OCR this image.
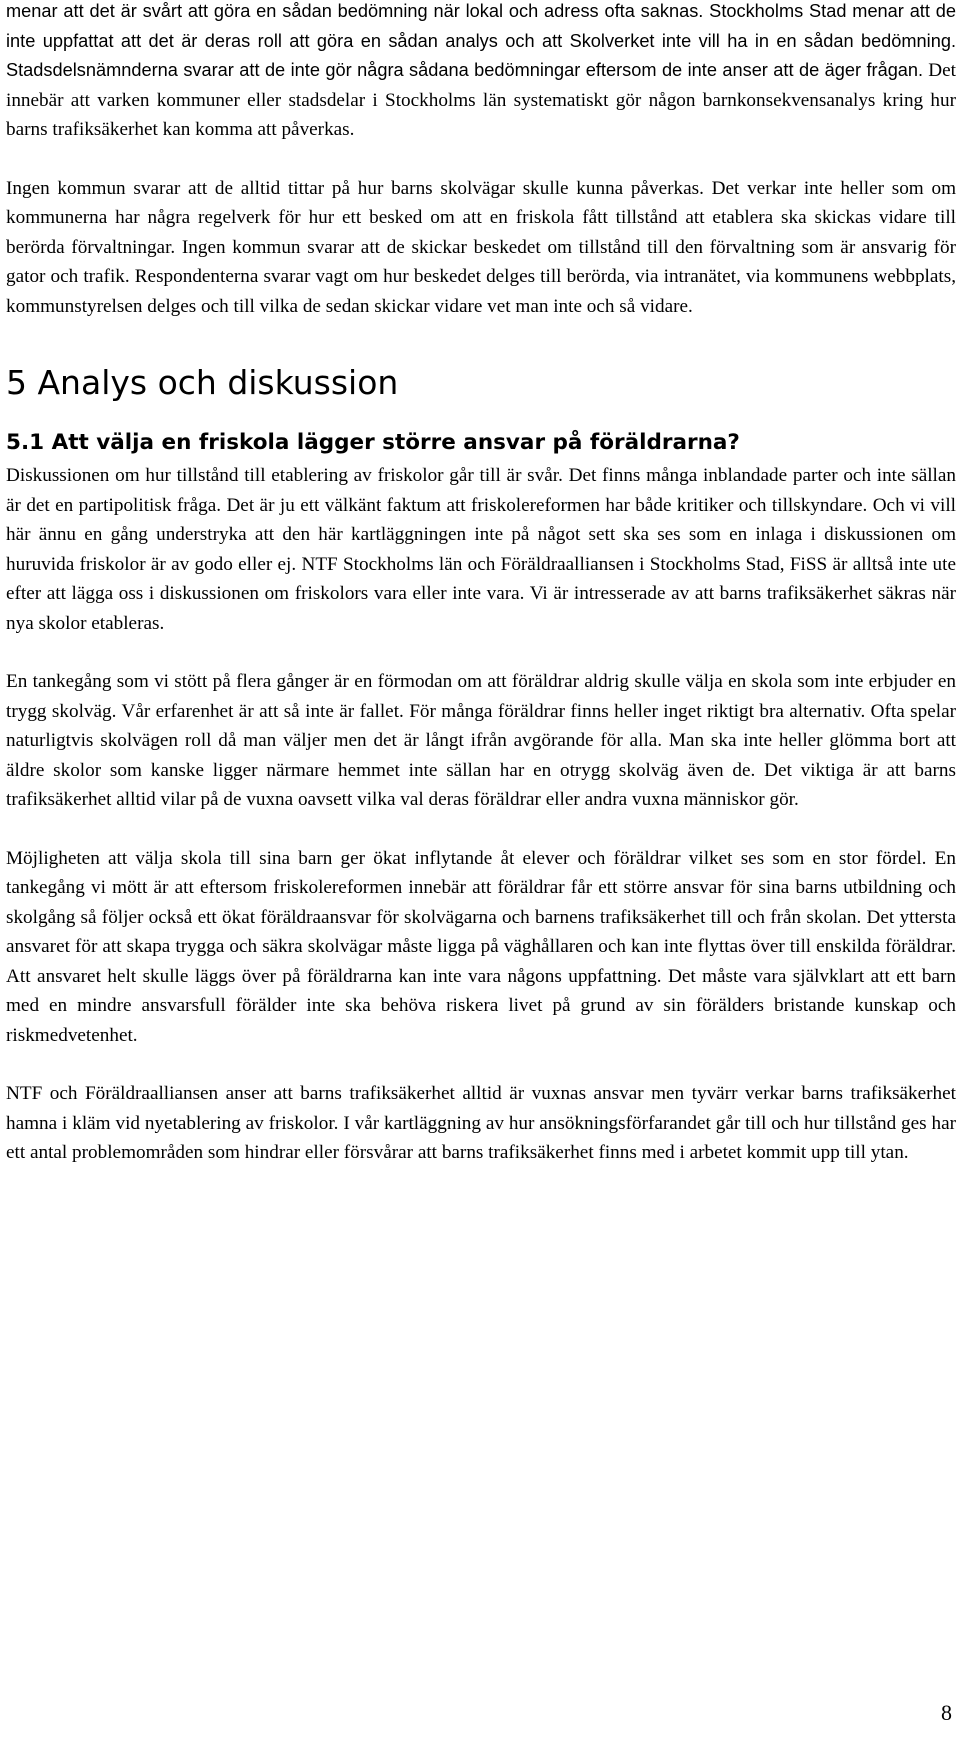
menar att det är svårt att göra en sådan bedömning när lokal och adress ofta saknas. Stockholms Stad menar att de inte uppfattat att det är deras roll att göra en sådan analys och att Skolverket inte vill ha in en sådan bedömning. Stadsdelsnämnderna svarar att de inte gör några sådana bedömningar eftersom de inte anser att de äger frågan. Det innebär att varken kommuner eller stadsdelar i Stockholms län systematiskt gör någon barnkonsekvensanalys kring hur barns trafiksäkerhet kan komma att påverkas.

Ingen kommun svarar att de alltid tittar på hur barns skolvägar skulle kunna påverkas. Det verkar inte heller som om kommunerna har några regelverk för hur ett besked om att en friskola fått tillstånd att etablera ska skickas vidare till berörda förvaltningar. Ingen kommun svarar att de skickar beskedet om tillstånd till den förvaltning som är ansvarig för gator och trafik. Respondenterna svarar vagt om hur beskedet delges till berörda, via intranätet, via kommunens webbplats, kommunstyrelsen delges och till vilka de sedan skickar vidare vet man inte och så vidare.

5 Analys och diskussion
5.1 Att välja en friskola lägger större ansvar på föräldrarna?

Diskussionen om hur tillstånd till etablering av friskolor går till är svår. Det finns många inblandade parter och inte sällan är det en partipolitisk fråga. Det är ju ett välkänt faktum att friskolereformen har både kritiker och tillskyndare. Och vi vill här ännu en gång understryka att den här kartläggningen inte på något sett ska ses som en inlaga i diskussionen om huruvida friskolor är av godo eller ej. NTF Stockholms län och Föräldraalliansen i Stockholms Stad, FiSS är alltså inte ute efter att lägga oss i diskussionen om friskolors vara eller inte vara. Vi är intresserade av att barns trafiksäkerhet säkras när nya skolor etableras.

En tankegång som vi stött på flera gånger är en förmodan om att föräldrar aldrig skulle välja en skola som inte erbjuder en trygg skolväg. Vår erfarenhet är att så inte är fallet. För många föräldrar finns heller inget riktigt bra alternativ. Ofta spelar naturligtvis skolvägen roll då man väljer men det är långt ifrån avgörande för alla. Man ska inte heller glömma bort att äldre skolor som kanske ligger närmare hemmet inte sällan har en otrygg skolväg även de. Det viktiga är att barns trafiksäkerhet alltid vilar på de vuxna oavsett vilka val deras föräldrar eller andra vuxna människor gör.

Möjligheten att välja skola till sina barn ger ökat inflytande åt elever och föräldrar vilket ses som en stor fördel. En tankegång vi mött är att eftersom friskolereformen innebär att föräldrar får ett större ansvar för sina barns utbildning och skolgång så följer också ett ökat föräldraansvar för skolvägarna och barnens trafiksäkerhet till och från skolan. Det yttersta ansvaret för att skapa trygga och säkra skolvägar måste ligga på väghållaren och kan inte flyttas över till enskilda föräldrar. Att ansvaret helt skulle läggs över på föräldrarna kan inte vara någons uppfattning. Det måste vara självklart att ett barn med en mindre ansvarsfull förälder inte ska behöva riskera livet på grund av sin förälders bristande kunskap och riskmedvetenhet.

NTF och Föräldraalliansen anser att barns trafiksäkerhet alltid är vuxnas ansvar men tyvärr verkar barns trafiksäkerhet hamna i kläm vid nyetablering av friskolor. I vår kartläggning av hur ansökningsförfarandet går till och hur tillstånd ges har ett antal problemområden som hindrar eller försvårar att barns trafiksäkerhet finns med i arbetet kommit upp till ytan.

8
